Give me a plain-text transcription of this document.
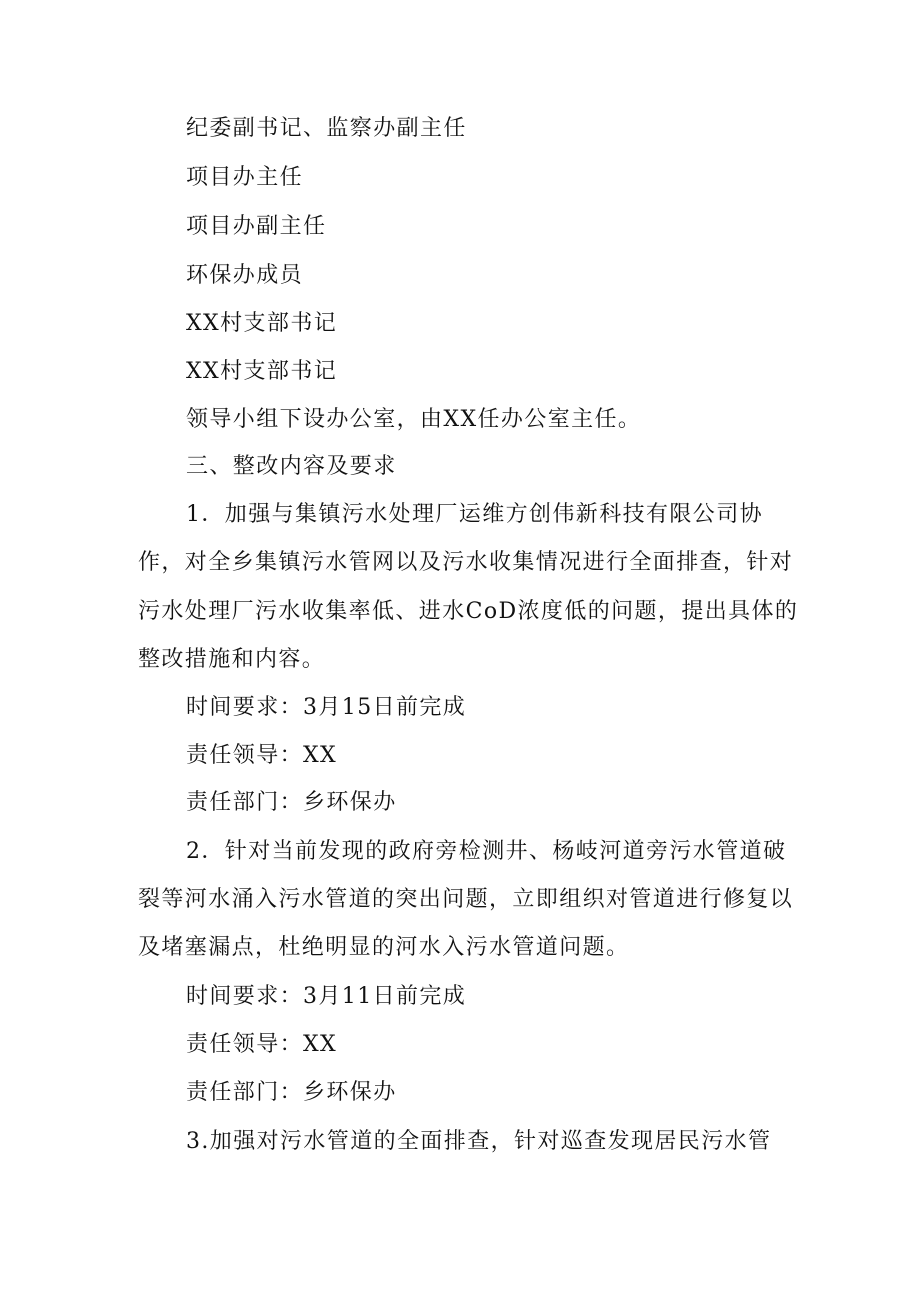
纪委副书记、监察办副主任
项目办主任
项目办副主任
环保办成员
XX村支部书记
XX村支部书记
领导小组下设办公室，由XX任办公室主任。
三、整改内容及要求
1．加强与集镇污水处理厂运维方创伟新科技有限公司协
作，对全乡集镇污水管网以及污水收集情况进行全面排查，针对
污水处理厂污水收集率低、进水CoD浓度低的问题，提出具体的
整改措施和内容。
时间要求：3月15日前完成
责任领导：XX
责任部门：乡环保办
2．针对当前发现的政府旁检测井、杨岐河道旁污水管道破
裂等河水涌入污水管道的突出问题，立即组织对管道进行修复以
及堵塞漏点，杜绝明显的河水入污水管道问题。
时间要求：3月11日前完成
责任领导：XX
责任部门：乡环保办
3.加强对污水管道的全面排查，针对巡查发现居民污水管
